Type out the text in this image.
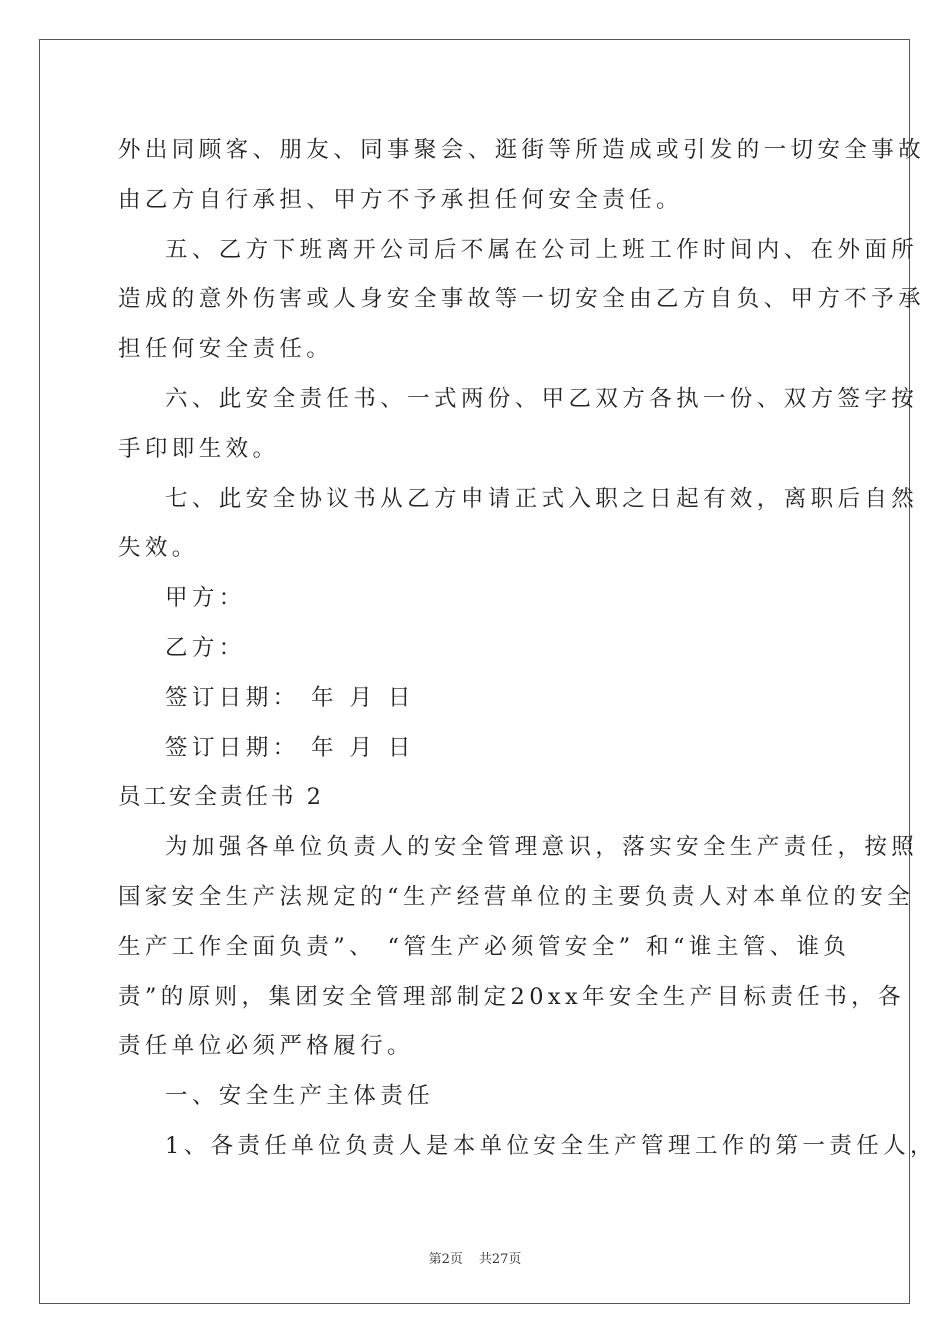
外出同顾客、朋友、同事聚会、逛街等所造成或引发的一切安全事故
由乙方自行承担、甲方不予承担任何安全责任。
五、乙方下班离开公司后不属在公司上班工作时间内、在外面所
造成的意外伤害或人身安全事故等一切安全由乙方自负、甲方不予承
担任何安全责任。
六、此安全责任书、一式两份、甲乙双方各执一份、双方签字按
手印即生效。
七、此安全协议书从乙方申请正式入职之日起有效，离职后自然
失效。
甲方：
乙方：
签订日期： 年 月 日
签订日期： 年 月 日
员工安全责任书 2
为加强各单位负责人的安全管理意识，落实安全生产责任，按照
国家安全生产法规定的“生产经营单位的主要负责人对本单位的安全
生产工作全面负责”、 “管生产必须管安全” 和“谁主管、谁负
责”的原则，集团安全管理部制定20xx年安全生产目标责任书，各
责任单位必须严格履行。
一、安全生产主体责任
1、各责任单位负责人是本单位安全生产管理工作的第一责任人，
第2页 共27页
